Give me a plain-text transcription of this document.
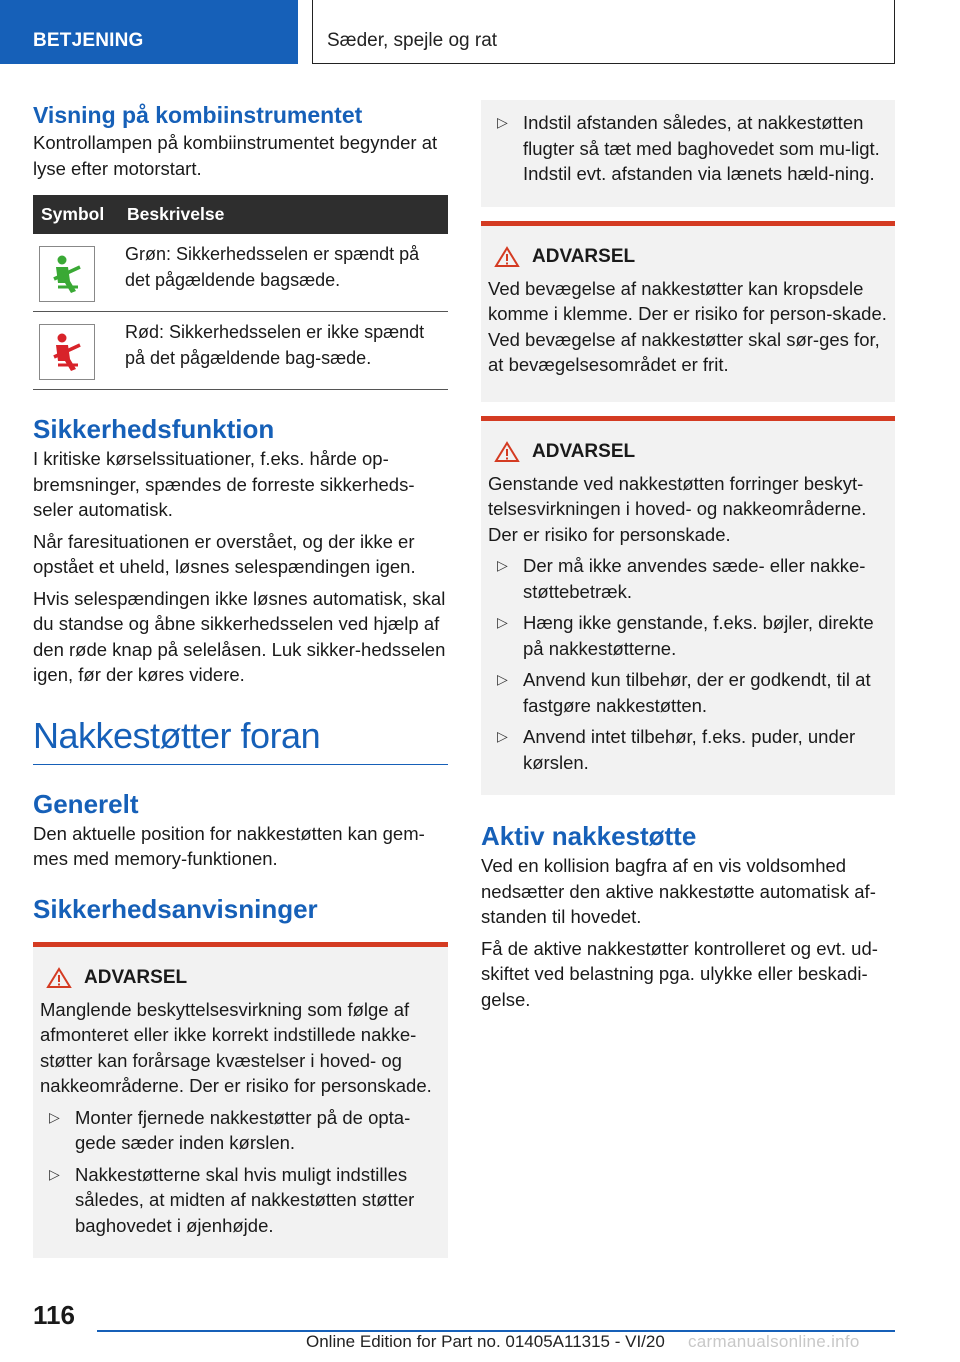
BETJENING	Sæder, spejle og rat
Visning på kombiinstrumentet

Kontrollampen på kombiinstrumentet begynder at lyse efter motorstart.

Symbol	Beskrivelse

	Grøn: Sikkerhedsselen er spændt på det pågældende bagsæde.

	Rød: Sikkerhedsselen er ikke spændt på det pågældende bag-sæde.
Sikkerhedsfunktion

I kritiske kørselssituationer, f.eks. hårde op-bremsninger, spændes de forreste sikkerheds-seler automatisk.

Når faresituationen er overstået, og der ikke er opstået et uheld, løsnes selespændingen igen.

Hvis selespændingen ikke løsnes automatisk, skal du standse og åbne sikkerhedsselen ved hjælp af den røde knap på selelåsen. Luk sikker-hedsselen igen, før der køres videre.

Nakkestøtter foran
Generelt

Den aktuelle position for nakkestøtten kan gem-mes med memory-funktionen.

Sikkerhedsanvisninger
ADVARSEL

Manglende beskyttelsesvirkning som følge af afmonteret eller ikke korrekt indstillede nakke-støtter kan forårsage kvæstelser i hoved- og nakkeområderne. Der er risiko for personskade.

▷ Monter fjernede nakkestøtter på de opta-gede sæder inden kørslen.
▷ Nakkestøtterne skal hvis muligt indstilles således, at midten af nakkestøtten støtter baghovedet i øjenhøjde.
▷ Indstil afstanden således, at nakkestøtten flugter så tæt med baghovedet som mu-ligt. Indstil evt. afstanden via lænets hæld-ning.
ADVARSEL

Ved bevægelse af nakkestøtter kan kropsdele komme i klemme. Der er risiko for person-skade. Ved bevægelse af nakkestøtter skal sør-ges for, at bevægelsesområdet er frit.

ADVARSEL

Genstande ved nakkestøtten forringer beskyt-telsesvirkningen i hoved- og nakkeområderne. Der er risiko for personskade.

▷ Der må ikke anvendes sæde- eller nakke-støttebetræk.
▷ Hæng ikke genstande, f.eks. bøjler, direkte på nakkestøtterne.
▷ Anvend kun tilbehør, der er godkendt, til at fastgøre nakkestøtten.
▷ Anvend intet tilbehør, f.eks. puder, under kørslen.
Aktiv nakkestøtte

Ved en kollision bagfra af en vis voldsomhed nedsætter den aktive nakkestøtte automatisk af-standen til hovedet.

Få de aktive nakkestøtter kontrolleret og evt. ud-skiftet ved belastning pga. ulykke eller beskadi-gelse.

116
Online Edition for Part no. 01405A11315 - VI/20 carmanualsonline.info
